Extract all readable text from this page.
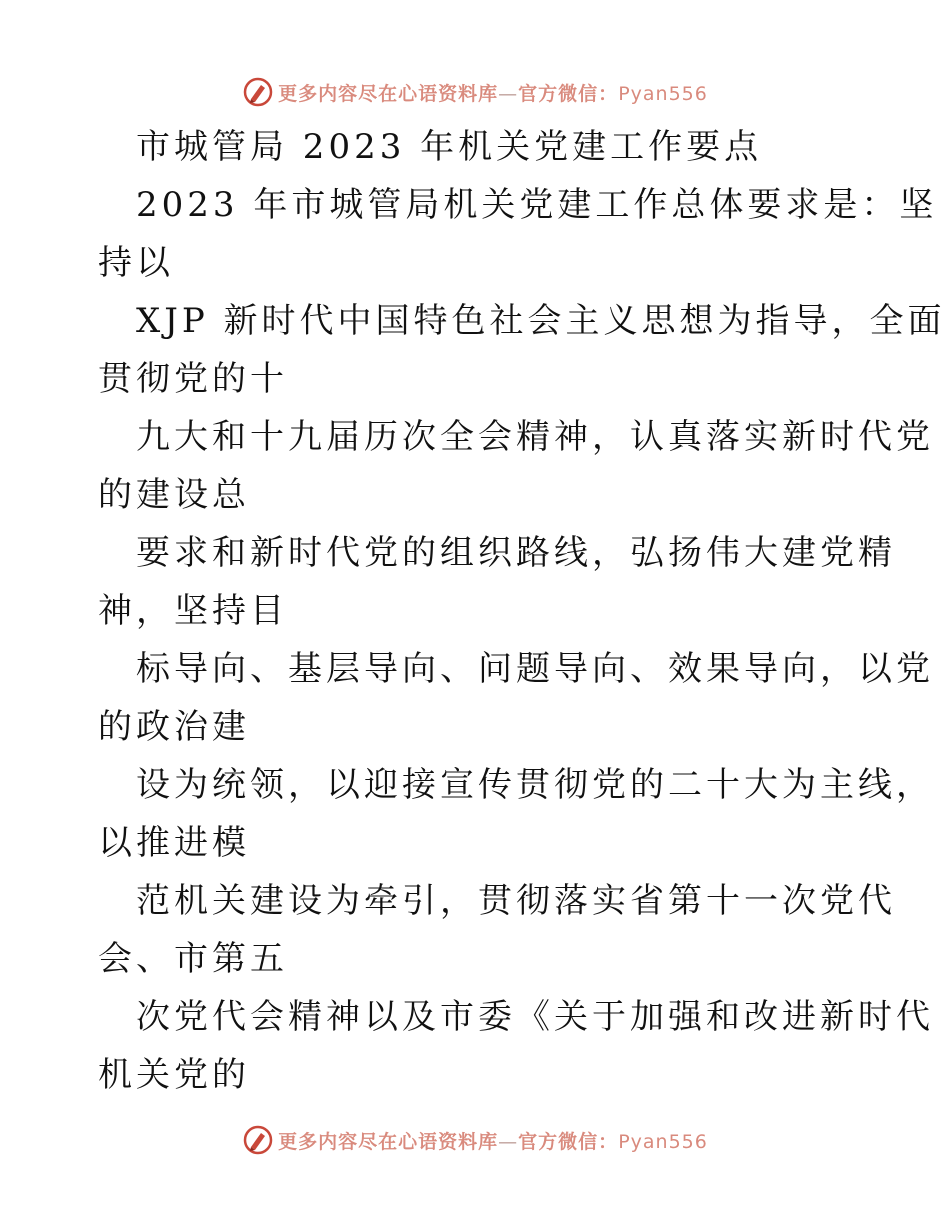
更多内容尽在心语资料库—官方微信：Pyan556
市城管局 2023 年机关党建工作要点
2023 年市城管局机关党建工作总体要求是：坚
持以
XJP 新时代中国特色社会主义思想为指导，全面
贯彻党的十
九大和十九届历次全会精神，认真落实新时代党
的建设总
要求和新时代党的组织路线，弘扬伟大建党精
神，坚持目
标导向、基层导向、问题导向、效果导向，以党
的政治建
设为统领，以迎接宣传贯彻党的二十大为主线，
以推进模
范机关建设为牵引，贯彻落实省第十一次党代
会、市第五
次党代会精神以及市委《关于加强和改进新时代
机关党的
更多内容尽在心语资料库—官方微信：Pyan556
